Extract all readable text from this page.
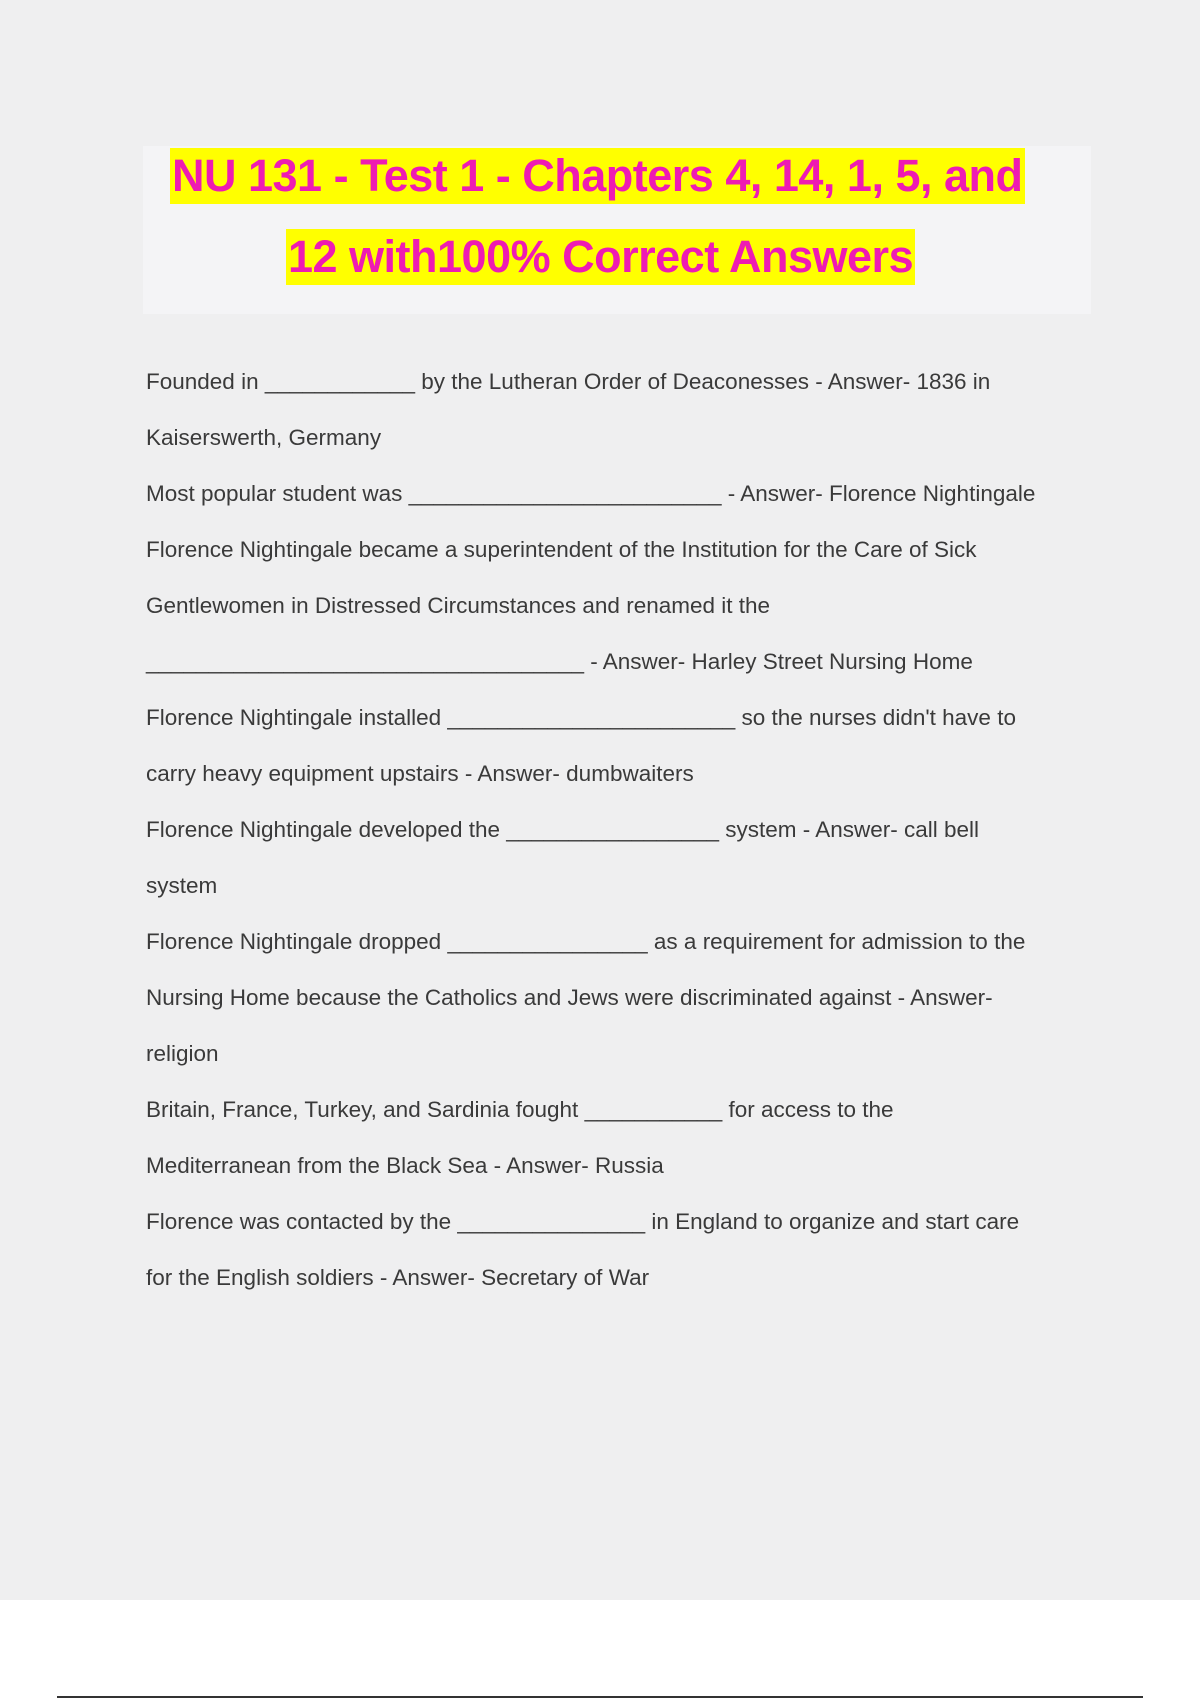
NU 131 - Test 1 - Chapters 4, 14, 1, 5, and
12 with100% Correct Answers
Founded in ____________ by the Lutheran Order of Deaconesses - Answer- 1836 in
Kaiserswerth, Germany
Most popular student was _________________________ - Answer- Florence Nightingale
Florence Nightingale became a superintendent of the Institution for the Care of Sick
Gentlewomen in Distressed Circumstances and renamed it the
___________________________________ - Answer- Harley Street Nursing Home
Florence Nightingale installed _______________________ so the nurses didn't have to
carry heavy equipment upstairs - Answer- dumbwaiters
Florence Nightingale developed the _________________ system - Answer- call bell
system
Florence Nightingale dropped ________________ as a requirement for admission to the
Nursing Home because the Catholics and Jews were discriminated against - Answer-
religion
Britain, France, Turkey, and Sardinia fought ___________ for access to the
Mediterranean from the Black Sea - Answer- Russia
Florence was contacted by the _______________ in England to organize and start care
for the English soldiers - Answer- Secretary of War
